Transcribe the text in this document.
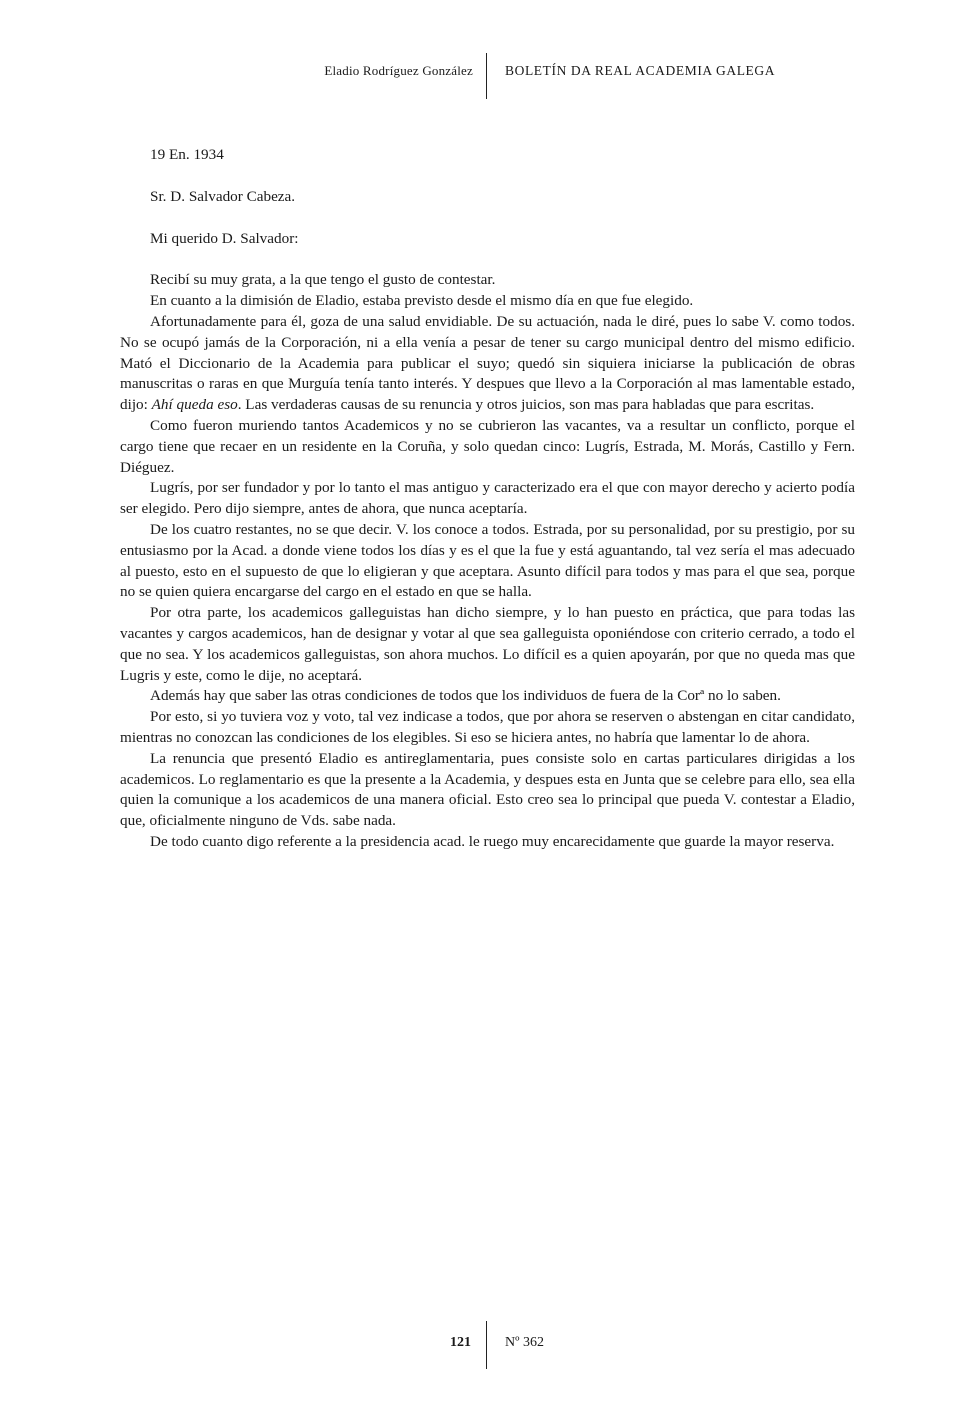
Eladio Rodríguez González BOLETÍN DA REAL ACADEMIA GALEGA

19 En. 1934

Sr. D. Salvador Cabeza.

Mi querido D. Salvador:

Recibí su muy grata, a la que tengo el gusto de contestar.

En cuanto a la dimisión de Eladio, estaba previsto desde el mismo día en que fue elegido.

Afortunadamente para él, goza de una salud envidiable. De su actuación, nada le diré, pues lo sabe V. como todos. No se ocupó jamás de la Corporación, ni a ella venía a pesar de tener su cargo municipal dentro del mismo edificio. Mató el Diccionario de la Academia para publicar el suyo; quedó sin siquiera iniciarse la publicación de obras manuscritas o raras en que Murguía tenía tanto interés. Y despues que llevo a la Corporación al mas lamentable estado, dijo: Ahí queda eso. Las verdaderas causas de su renuncia y otros juicios, son mas para habladas que para escritas.

Como fueron muriendo tantos Academicos y no se cubrieron las vacantes, va a resultar un conflicto, porque el cargo tiene que recaer en un residente en la Coruña, y solo quedan cinco: Lugrís, Estrada, M. Morás, Castillo y Fern. Diéguez.

Lugrís, por ser fundador y por lo tanto el mas antiguo y caracterizado era el que con mayor derecho y acierto podía ser elegido. Pero dijo siempre, antes de ahora, que nunca aceptaría.

De los cuatro restantes, no se que decir. V. los conoce a todos. Estrada, por su personalidad, por su prestigio, por su entusiasmo por la Acad. a donde viene todos los días y es el que la fue y está aguantando, tal vez sería el mas adecuado al puesto, esto en el supuesto de que lo eligieran y que aceptara. Asunto difícil para todos y mas para el que sea, porque no se quien quiera encargarse del cargo en el estado en que se halla.

Por otra parte, los academicos galleguistas han dicho siempre, y lo han puesto en práctica, que para todas las vacantes y cargos academicos, han de designar y votar al que sea galleguista oponiéndose con criterio cerrado, a todo el que no sea. Y los academicos galleguistas, son ahora muchos. Lo difícil es a quien apoyarán, por que no queda mas que Lugris y este, como le dije, no aceptará.

Además hay que saber las otras condiciones de todos que los individuos de fuera de la Corª no lo saben.

Por esto, si yo tuviera voz y voto, tal vez indicase a todos, que por ahora se reserven o abstengan en citar candidato, mientras no conozcan las condiciones de los elegibles. Si eso se hiciera antes, no habría que lamentar lo de ahora.

La renuncia que presentó Eladio es antireglamentaria, pues consiste solo en cartas particulares dirigidas a los academicos. Lo reglamentario es que la presente a la Academia, y despues esta en Junta que se celebre para ello, sea ella quien la comunique a los academicos de una manera oficial. Esto creo sea lo principal que pueda V. contestar a Eladio, que, oficialmente ninguno de Vds. sabe nada.

De todo cuanto digo referente a la presidencia acad. le ruego muy encarecidamente que guarde la mayor reserva.

121 Nº 362
